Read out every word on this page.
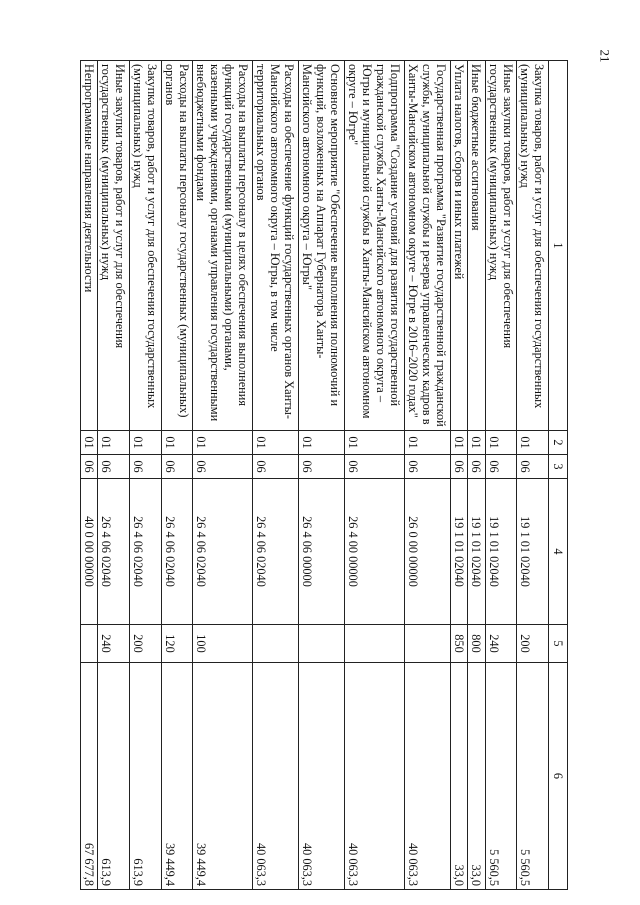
21
1	2	3	4	5	6
Закупка товаров, работ и услуг для обеспечения государственных (муниципальных) нужд	01	06	19 1 01 02040	200	5 560,5
Иные закупки товаров, работ и услуг для обеспечения государственных (муниципальных) нужд	01	06	19 1 01 02040	240	5 560,5
Иные бюджетные ассигнования	01	06	19 1 01 02040	800	33,0
Уплата налогов, сборов и иных платежей	01	06	19 1 01 02040	850	33,0
Государственная программа "Развитие государственной гражданской службы, муниципальной службы и резерва управленческих кадров в Ханты-Мансийском автономном округе – Югре в 2016–2020 годах"	01	06	26 0 00 00000		40 063,3
Подпрограмма "Создание условий для развития государственной гражданской службы Ханты-Мансийского автономного округа – Югры и муниципальной службы в Ханты-Мансийском автономном округе – Югре"	01	06	26 4 00 00000		40 063,3
Основное мероприятие "Обеспечение выполнения полномочий и функций, возложенных на Аппарат Губернатора Ханты-Мансийского автономного округа – Югры"	01	06	26 4 06 00000		40 063,3
Расходы на обеспечение функций государственных органов Ханты-Мансийского автономного округа – Югры, в том числе территориальных органов	01	06	26 4 06 02040		40 063,3
Расходы на выплаты персоналу в целях обеспечения выполнения функций государственными (муниципальными) органами, казенными учреждениями, органами управления государственными внебюджетными фондами	01	06	26 4 06 02040	100	39 449,4
Расходы на выплаты персоналу государственных (муниципальных) органов	01	06	26 4 06 02040	120	39 449,4
Закупка товаров, работ и услуг для обеспечения государственных (муниципальных) нужд	01	06	26 4 06 02040	200	613,9
Иные закупки товаров, работ и услуг для обеспечения государственных (муниципальных) нужд	01	06	26 4 06 02040	240	613,9
Непрограммные направления деятельности	01	06	40 0 00 00000		67 677,8
